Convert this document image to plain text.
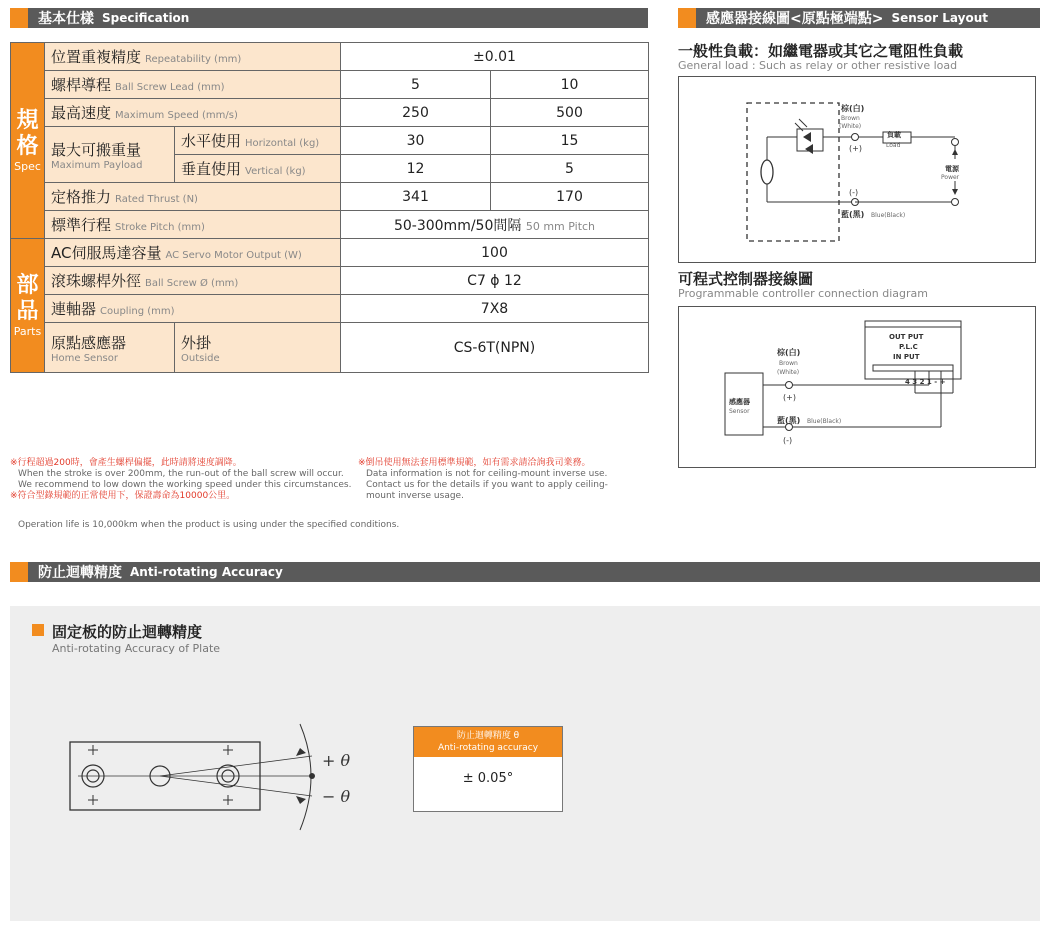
基本仕樣 Specification	感應器接線圖<原點極端點> Sensor Layout
規格
Spec	位置重複精度 Repeatability (mm)		±0.01	
	螺桿導程 Ball Screw Lead (mm)		5	10
	最高速度 Maximum Speed (mm/s)		250	500
	最大可搬重量
Maximum Payload	水平使用 Horizontal (kg)	30	15
		垂直使用 Vertical (kg)	12	5
	定格推力 Rated Thrust (N)		341	170
	標準行程 Stroke Pitch (mm)		50-300mm/50間隔 50 mm Pitch	

部品
Parts	AC伺服馬達容量 AC Servo Motor Output (W)		100	
	滾珠螺桿外徑 Ball Screw Ø (mm)		C7 ϕ 12	
	連軸器 Coupling (mm)		7X8	
	原點感應器
Home Sensor	外掛
Outside	CS-6T(NPN)	
※行程超過200時，會產生螺桿偏擺，此時請將速度調降。
When the stroke is over 200mm, the run-out of the ball screw will occur.
We recommend to low down the working speed under this circumstances.
※符合型錄規範的正常使用下，保證壽命為10000公里。
Operation life is 10,000km when the product is using under the specified conditions.
※倒吊使用無法套用標準規範，如有需求請洽詢我司業務。
Data information is not for ceiling-mount inverse use.
Contact us for the details if you want to apply ceiling-
mount inverse usage.
一般性負載：如繼電器或其它之電阻性負載
General load : Such as relay or other resistive load
棕(白)
Brown
(White)
(+)
負載
Load
電源
Power
(-)
藍(黑) Blue(Black)
可程式控制器接線圖
Programmable controller connection diagram
OUT PUT
P.L.C
IN PUT
4 3 2 1 - +
感應器
Sensor
棕(白)
Brown
(White)
(+)
藍(黑) Blue(Black)
(-)
防止迴轉精度 Anti-rotating Accuracy
固定板的防止迴轉精度
Anti-rotating Accuracy of Plate
+ θ
− θ
防止迴轉精度 θ
Anti-rotating accuracy
± 0.05°
